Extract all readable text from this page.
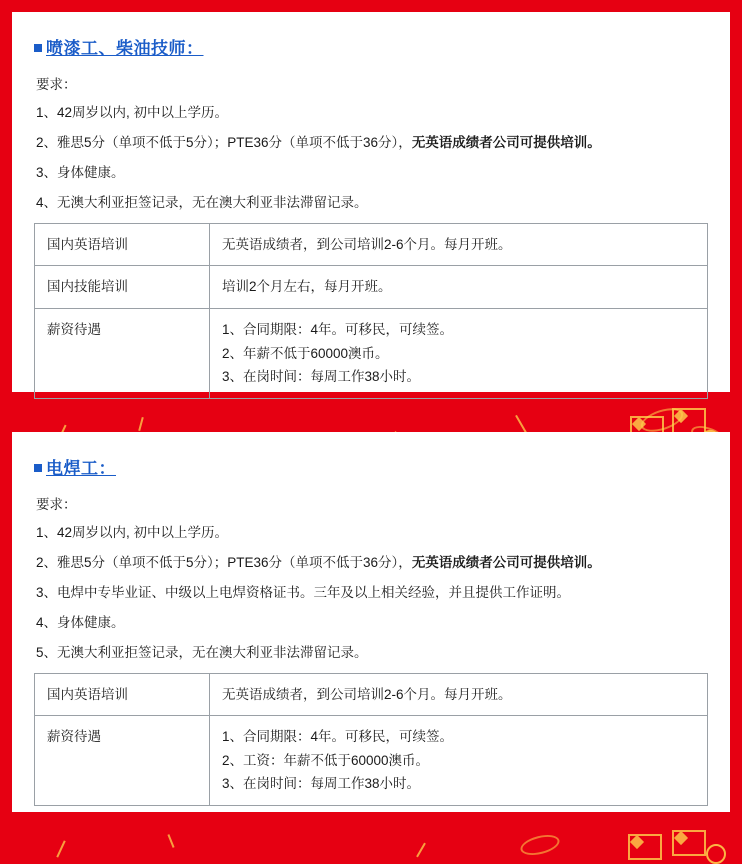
喷漆工、柴油技师：
要求：
1、42周岁以内, 初中以上学历。
2、雅思5分（单项不低于5分）；PTE36分（单项不低于36分），无英语成绩者公司可提供培训。
3、身体健康。
4、无澳大利亚拒签记录，无在澳大利亚非法滞留记录。
国内英语培训	无英语成绩者，到公司培训2-6个月。每月开班。

国内技能培训	培训2个月左右，每月开班。

薪资待遇	1、合同期限：4年。可移民，可续签。
2、年薪不低于60000澳币。
3、在岗时间：每周工作38小时。
电焊工：
要求：
1、42周岁以内, 初中以上学历。
2、雅思5分（单项不低于5分）；PTE36分（单项不低于36分），无英语成绩者公司可提供培训。
3、电焊中专毕业证、中级以上电焊资格证书。三年及以上相关经验，并且提供工作证明。
4、身体健康。
5、无澳大利亚拒签记录，无在澳大利亚非法滞留记录。
国内英语培训	无英语成绩者，到公司培训2-6个月。每月开班。

薪资待遇	1、合同期限：4年。可移民，可续签。
2、工资：年薪不低于60000澳币。
3、在岗时间：每周工作38小时。
